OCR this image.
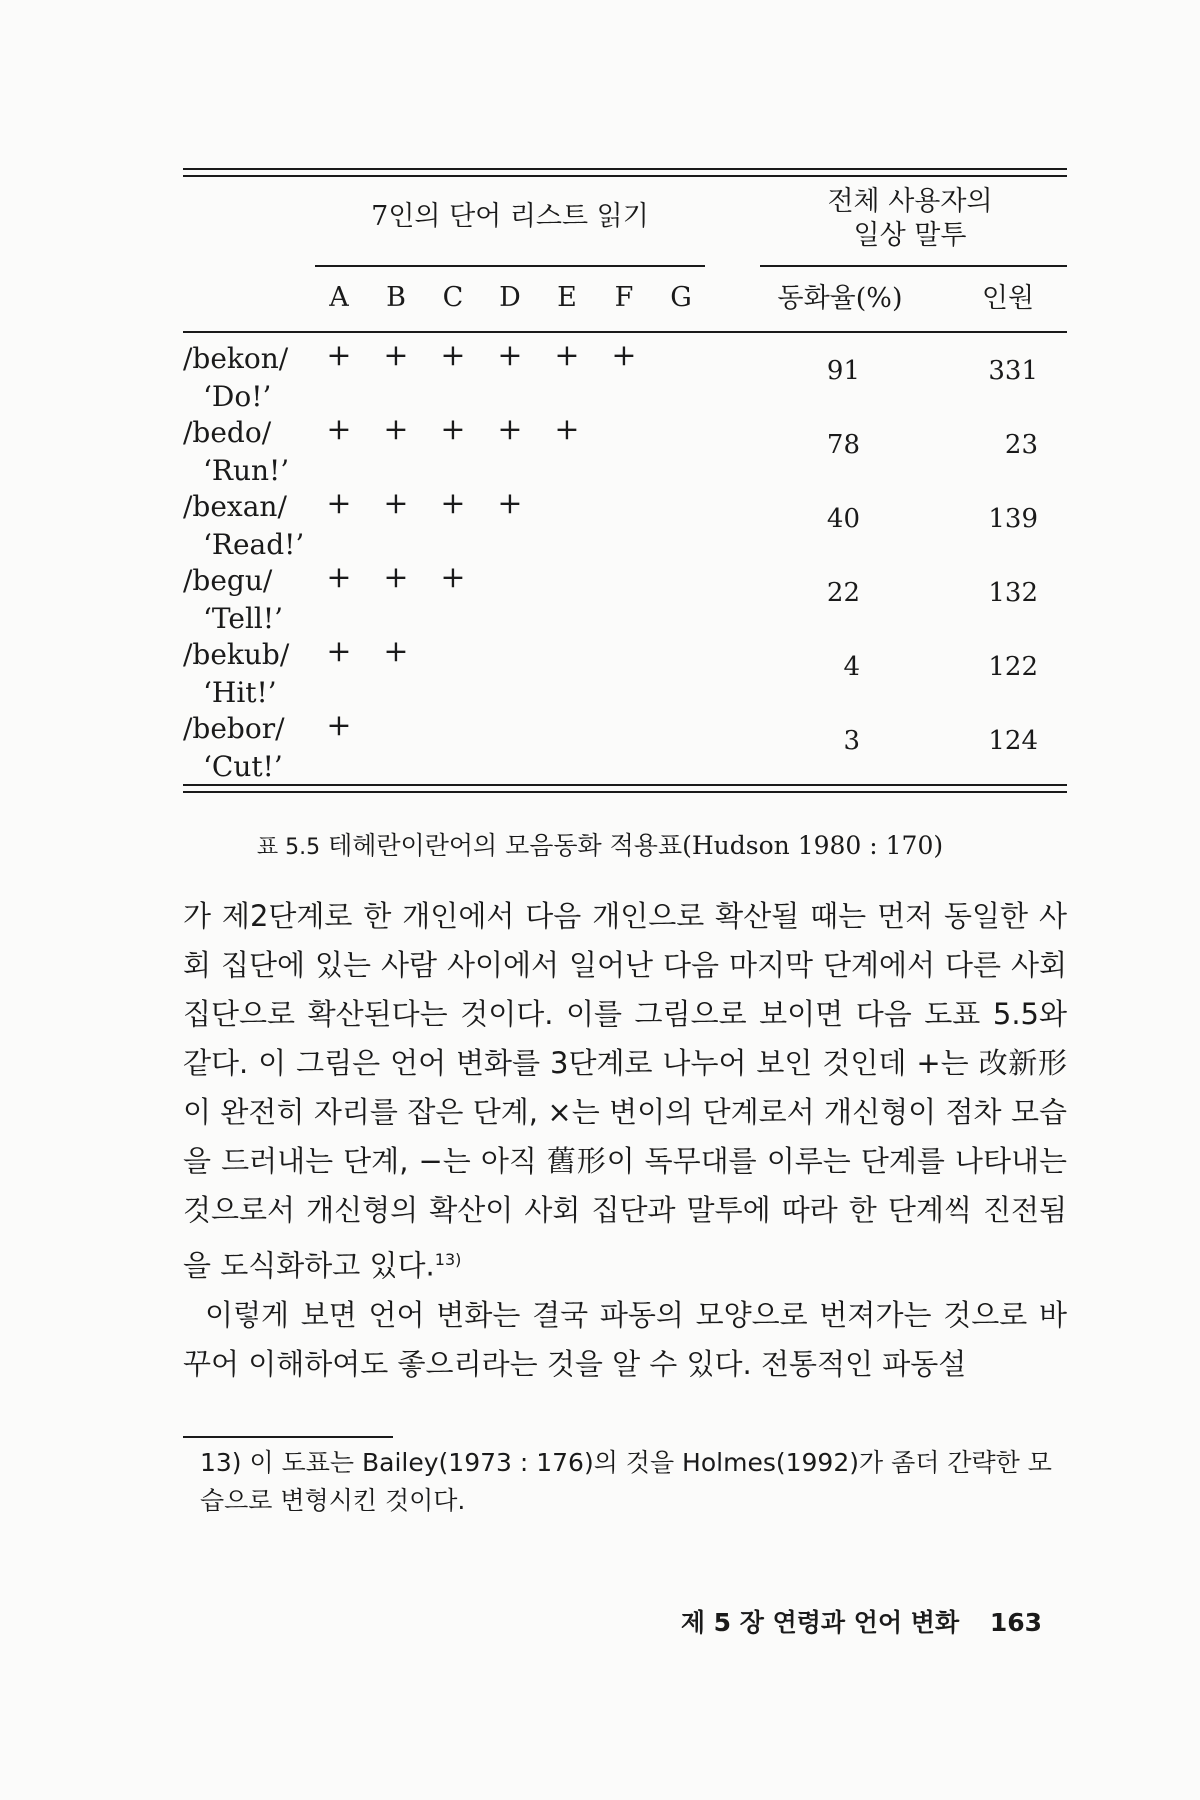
7인의 단어 리스트 읽기	전체 사용자의
일상 말투
A	B	C	D	E	F	G	동화율(%)	인원
/bekon/
‘Do!’
+ + + + + +	91	331
/bedo/
‘Run!’
+ + + + +	78	23
/bexan/
‘Read!’
+ + + +	40	139
/begu/
‘Tell!’
+ + +	22	132
/bekub/
‘Hit!’
+ +	4	122
/bebor/
‘Cut!’
+	3	124
표 5.5 테헤란이란어의 모음동화 적용표(Hudson 1980 : 170)

가 제2단계로 한 개인에서 다음 개인으로 확산될 때는 먼저 동일한 사회 집단에 있는 사람 사이에서 일어난 다음 마지막 단계에서 다른 사회 집단으로 확산된다는 것이다. 이를 그림으로 보이면 다음 도표 5.5와 같다. 이 그림은 언어 변화를 3단계로 나누어 보인 것인데 +는 改新形이 완전히 자리를 잡은 단계, ×는 변이의 단계로서 개신형이 점차 모습을 드러내는 단계, −는 아직 舊形이 독무대를 이루는 단계를 나타내는 것으로서 개신형의 확산이 사회 집단과 말투에 따라 한 단계씩 진전됨을 도식화하고 있다.$^{13)}$

이렇게 보면 언어 변화는 결국 파동의 모양으로 번져가는 것으로 바꾸어 이해하여도 좋으리라는 것을 알 수 있다. 전통적인 파동설

13) 이 도표는 Bailey(1973 : 176)의 것을 Holmes(1992)가 좀더 간략한 모습으로 변형시킨 것이다.
제 5 장 연령과 언어 변화 163
